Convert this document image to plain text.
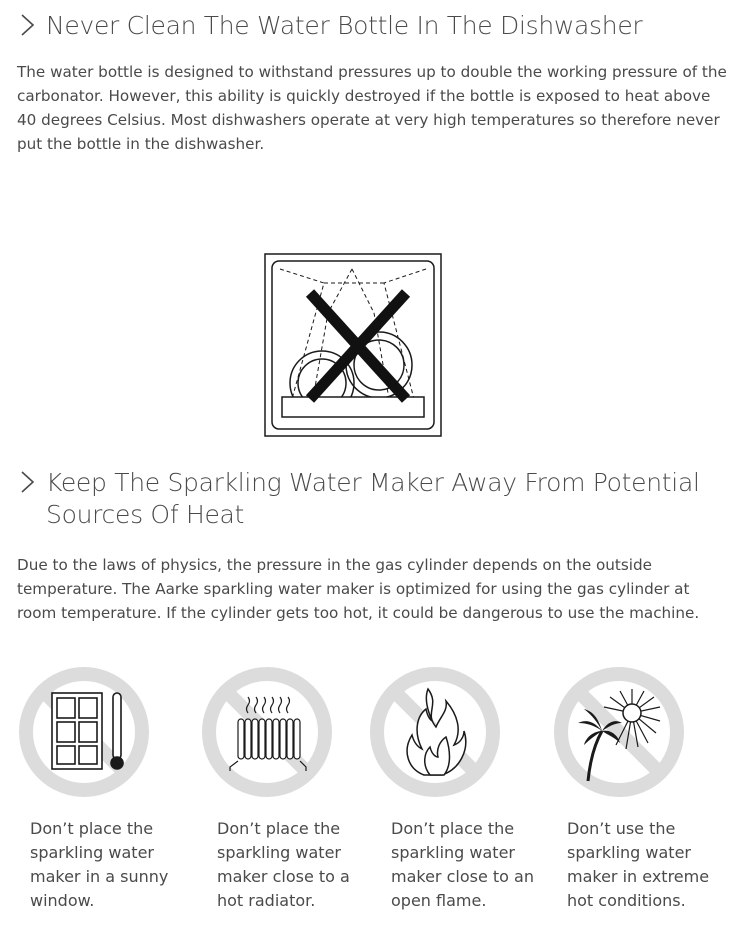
Never Clean The Water Bottle In The Dishwasher

The water bottle is designed to withstand pressures up to double the working pressure of the carbonator. However, this ability is quickly destroyed if the bottle is exposed to heat above 40 degrees Celsius. Most dishwashers operate at very high temperatures so therefore never put the bottle in the dishwasher.

Keep The Sparkling Water Maker Away From Potential
Sources Of Heat

Due to the laws of physics, the pressure in the gas cylinder depends on the outside temperature. The Aarke sparkling water maker is optimized for using the gas cylinder at room temperature. If the cylinder gets too hot, it could be dangerous to use the machine.

Don’t place the
sparkling water
maker in a sunny
window.

Don’t place the
sparkling water
maker close to a
hot radiator.

Don’t place the
sparkling water
maker close to an
open flame.

Don’t use the
sparkling water
maker in extreme
hot conditions.
